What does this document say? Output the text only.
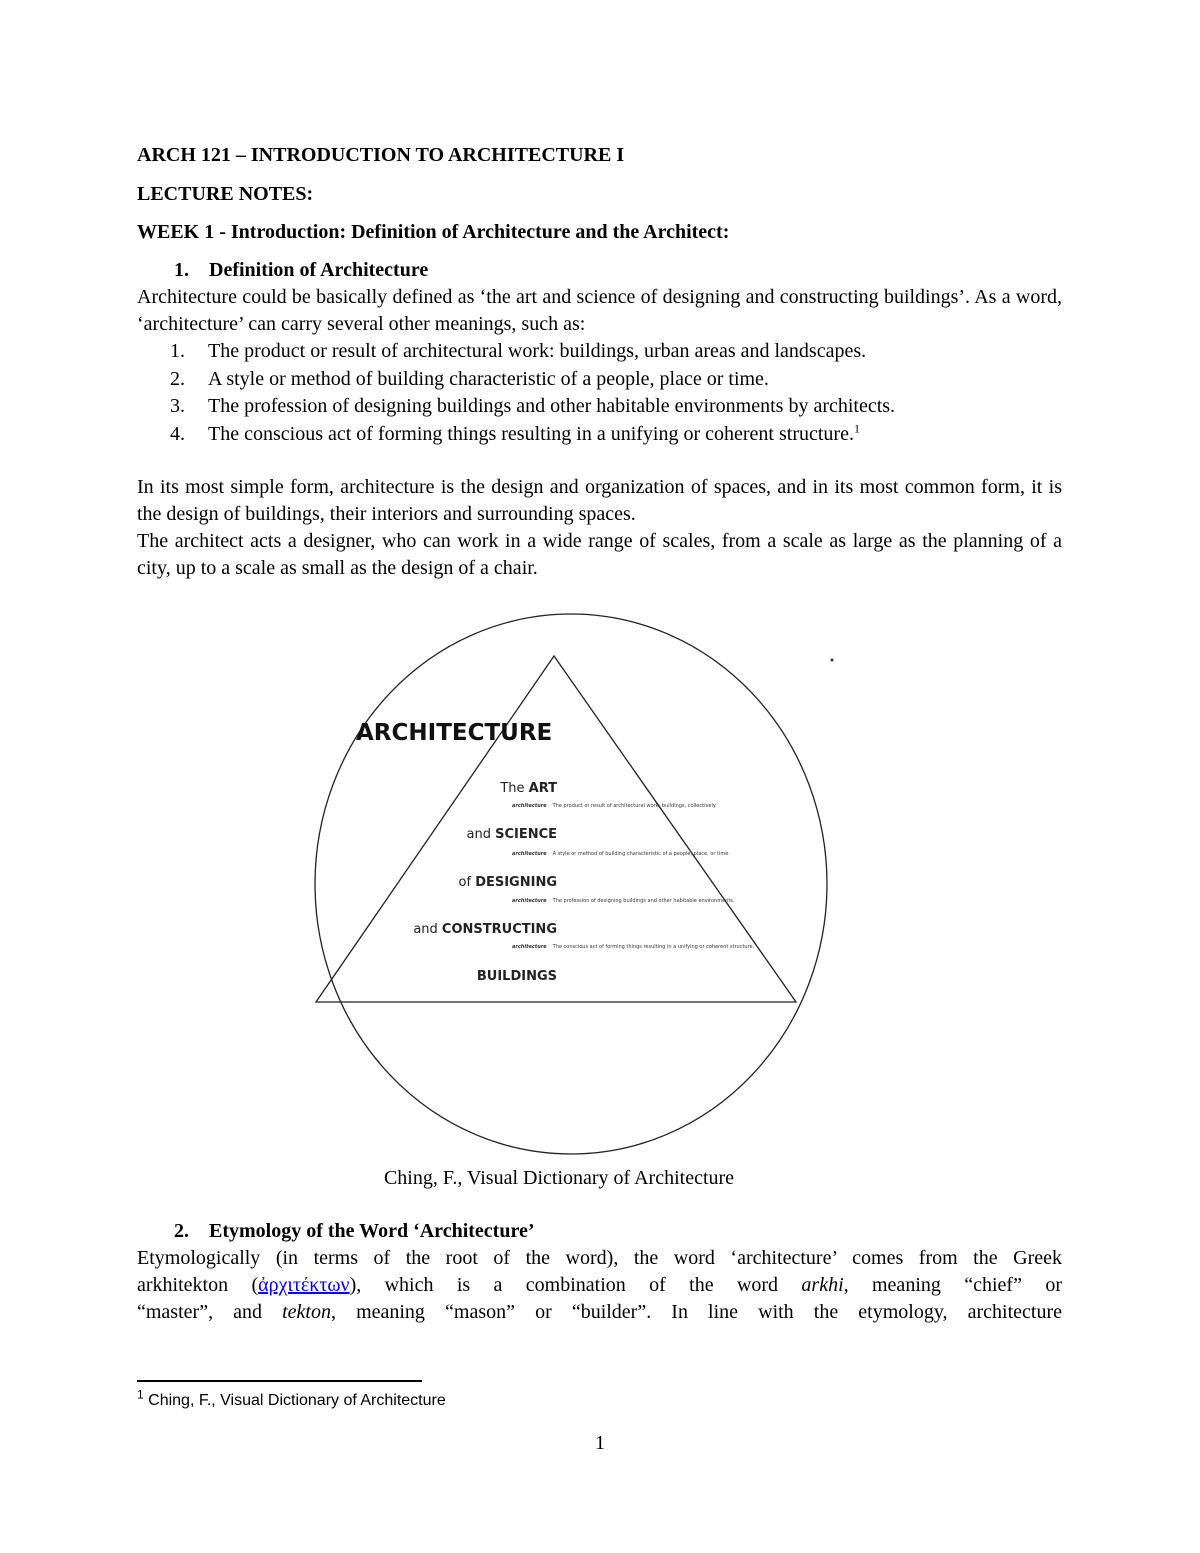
ARCH 121 – INTRODUCTION TO ARCHITECTURE I
LECTURE NOTES:
WEEK 1 - Introduction: Definition of Architecture and the Architect:
1. Definition of Architecture
Architecture could be basically defined as ‘the art and science of designing and constructing buildings’. As a word, ‘architecture’ can carry several other meanings, such as:
1.	The product or result of architectural work: buildings, urban areas and landscapes.
2.	A style or method of building characteristic of a people, place or time.
3.	The profession of designing buildings and other habitable environments by architects.
4.	The conscious act of forming things resulting in a unifying or coherent structure.$^1$
In its most simple form, architecture is the design and organization of spaces, and in its most common form, it is the design of buildings, their interiors and surrounding spaces.
The architect acts a designer, who can work in a wide range of scales, from a scale as large as the planning of a city, up to a scale as small as the design of a chair.
ARCHITECTURE
The ART
architecture The product or result of architectural work: buildings, collectively.
and SCIENCE
architecture A style or method of building characteristic of a people, place, or time.
of DESIGNING
architecture The profession of designing buildings and other habitable environments.
and CONSTRUCTING
architecture The conscious act of forming things resulting in a unifying or coherent structure.
BUILDINGS
Ching, F., Visual Dictionary of Architecture
2. Etymology of the Word ‘Architecture’
Etymologically (in terms of the root of the word), the word ‘architecture’ comes from the Greek
arkhitekton (ἀρχιτέκτων), which is a combination of the word arkhi, meaning “chief” or
“master”, and tekton, meaning “mason” or “builder”. In line with the etymology, architecture
$^1$ Ching, F., Visual Dictionary of Architecture
1
